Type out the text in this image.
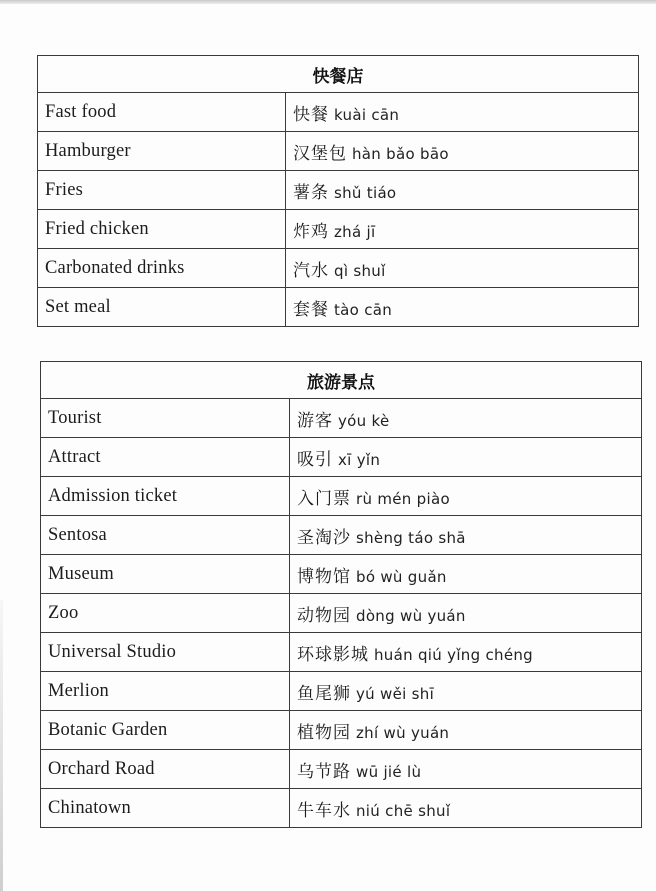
快餐店	
Fast food	快餐 kuài cān
Hamburger	汉堡包 hàn bǎo bāo
Fries	薯条 shǔ tiáo
Fried chicken	炸鸡 zhá jī
Carbonated drinks	汽水 qì shuǐ
Set meal	套餐 tào cān
旅游景点	
Tourist	游客 yóu kè
Attract	吸引 xī yǐn
Admission ticket	入门票 rù mén piào
Sentosa	圣淘沙 shèng táo shā
Museum	博物馆 bó wù guǎn
Zoo	动物园 dòng wù yuán
Universal Studio	环球影城 huán qiú yǐng chéng
Merlion	鱼尾狮 yú wěi shī
Botanic Garden	植物园 zhí wù yuán
Orchard Road	乌节路 wū jié lù
Chinatown	牛车水 niú chē shuǐ
